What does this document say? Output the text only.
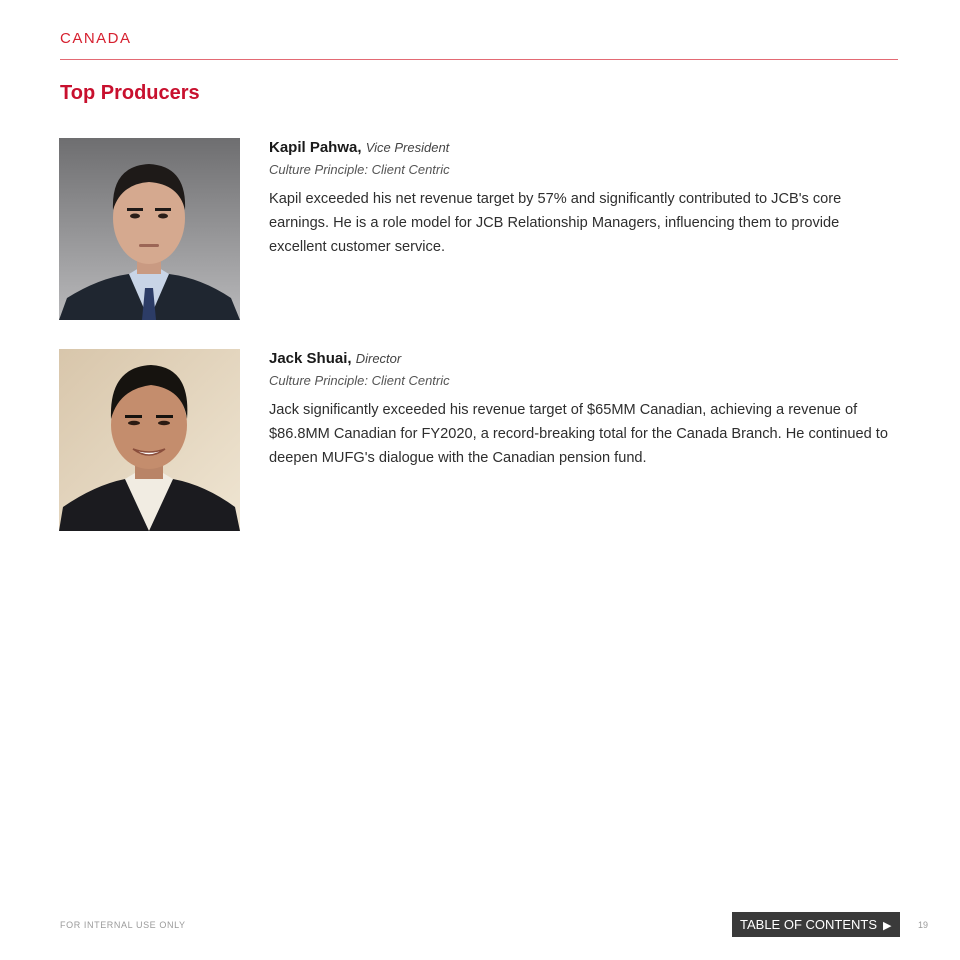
CANADA
Top Producers
Kapil Pahwa, Vice President
Culture Principle: Client Centric
Kapil exceeded his net revenue target by 57% and significantly contributed to JCB's core earnings. He is a role model for JCB Relationship Managers, influencing them to provide excellent customer service.
Jack Shuai, Director
Culture Principle: Client Centric
Jack significantly exceeded his revenue target of $65MM Canadian, achieving a revenue of $86.8MM Canadian for FY2020, a record-breaking total for the Canada Branch. He continued to deepen MUFG's dialogue with the Canadian pension fund.
FOR INTERNAL USE ONLY	TABLE OF CONTENTS ▶	19
